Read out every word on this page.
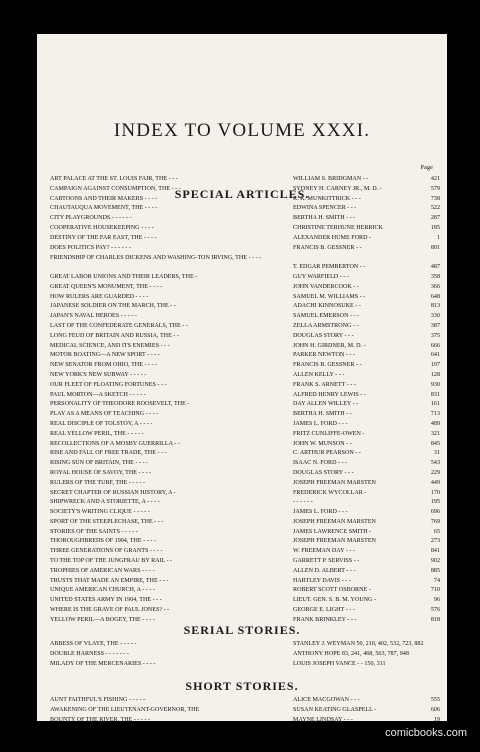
INDEX TO VOLUME XXXI.
SPECIAL ARTICLES.
Page
ART PALACE AT THE ST. LOUIS FAIR, THE - - -	WILLIAM S. BRIDGMAN - -	421
CAMPAIGN AGAINST CONSUMPTION, THE - - -	SYDNEY H. CARNEY JR., M. D. -	579
CARTOONS AND THEIR MAKERS - - - -	R. K. MUNKITTRICK - - -	738
CHAUTAUQUA MOVEMENT, THE - - - -	EDWINA SPENCER - - -	522
CITY PLAYGROUNDS - - - - - -	BERTHA H. SMITH - - -	287
COOPERATIVE HOUSEKEEPING - - - -	CHRISTINE TERHUNE HERRICK	185
DESTINY OF THE FAR EAST, THE - - - -	ALEXANDER HUME FORD -	1
DOES POLITICS PAY? - - - - - -	FRANCIS B. GESSNER - -	801
FRIENDSHIP OF CHARLES DICKENS AND WASHING-TON IRVING, THE - - - -
T. EDGAR PEMBERTON - -	487
GREAT LABOR UNIONS AND THEIR LEADERS, THE -	GUY WARFIELD - - -	358
GREAT QUEEN'S MONUMENT, THE - - - -	JOHN VANDERCOOK - -	366
HOW RULERS ARE GUARDED - - - -	SAMUEL M. WILLIAMS - -	648
JAPANESE SOLDIER ON THE MARCH, THE - -	ADACHI KINNOSUKE - -	813
JAPAN'S NAVAL HEROES - - - - -	SAMUEL EMERSON - - -	330
LAST OF THE CONFEDERATE GENERALS, THE - -	ZELLA ARMSTRONG - -	387
LONG FEUD OF BRITAIN AND RUSSIA, THE - -	DOUGLAS STORY - - -	375
MEDICAL SCIENCE, AND ITS ENEMIES - - -	JOHN H. GIRDNER, M. D. -	666
MOTOR BOATING—A NEW SPORT - - - -	PARKER NEWTON - - -	641
NEW SENATOR FROM OHIO, THE - - - -	FRANCIS B. GESSNER - -	197
NEW YORK'S NEW SUBWAY - - - - -	ALLEN KELLY - - -	128
OUR FLEET OF FLOATING FORTUNES - - -	FRANK S. ARNETT - - -	930
PAUL MORTON—A SKETCH - - - - -	ALFRED HENRY LEWIS - -	831
PERSONALITY OF THEODORE ROOSEVELT, THE -	DAY ALLEN WILLEY - -	161
PLAY AS A MEANS OF TEACHING - - - -	BERTHA H. SMITH - -	713
REAL DISCIPLE OF TOLSTOY, A - - - -	JAMES L. FORD - - -	489
REAL YELLOW PERIL, THE - - - - -	FRITZ CUNLIFFE-OWEN -	321
RECOLLECTIONS OF A MOSBY GUERRILLA - -	JOHN W. MUNSON - -	845
RISE AND FALL OF FREE TRADE, THE - - -	C. ARTHUR PEARSON - -	31
RISING SUN OF BRITAIN, THE - - - -	ISAAC N. FORD - - -	543
ROYAL HOUSE OF SAVOY, THE - - - -	DOUGLAS STORY - - -	229
RULERS OF THE TURF, THE - - - - -	JOSEPH FREEMAN MARSTEN	449
SECRET CHAPTER OF RUSSIAN HISTORY, A -	FREDERICK WYCOLLAR -	170
SHIPWRECK AND A STORIETTE, A - - - -	- - - - - -	195
SOCIETY'S WRITING CLIQUE - - - - -	JAMES L. FORD - - -	696
SPORT OF THE STEEPLECHASE, THE - - -	JOSEPH FREEMAN MARSTEN	769
STORIES OF THE SAINTS - - - - -	JAMES LAWRENCE SMITH -	65
THOROUGHBREDS OF 1904, THE - - - -	JOSEPH FREEMAN MARSTEN	273
THREE GENERATIONS OF GRANTS - - - -	W. FREEMAN DAY - - -	841
TO THE TOP OF THE JUNGFRAU BY RAIL - -	GARRETT P. SERVISS - -	902
TROPHIES OF AMERICAN WARS - - - -	ALLEN D. ALBERT - - -	885
TRUSTS THAT MADE AN EMPIRE, THE - - -	HARTLEY DAVIS - - -	74
UNIQUE AMERICAN CHURCH, A - - - -	ROBERT SCOTT OSBORNE -	710
UNITED STATES ARMY IN 1904, THE - - -	LIEUT. GEN. S. B. M. YOUNG -	96
WHERE IS THE GRAVE OF PAUL JONES? - -	GEORGE E. LIGHT - - -	576
YELLOW PERIL—A BOGEY, THE - - - -	FRANK BRINKLEY - - -	818
SERIAL STORIES.
ABBESS OF VLAYE, THE - - - - -	STANLEY J. WEYMAN 50, 210, 402, 532, 723, 882
DOUBLE HARNESS - - - - - - -	ANTHONY HOPE 83, 241, 468, 563, 787, 948
MILADY OF THE MERCENARIES - - - -	LOUIS JOSEPH VANCE - - 150, 311
SHORT STORIES.
AUNT FAITHFUL'S FISHING - - - - -	ALICE MACGOWAN - - -	555
AWAKENING OF THE LIEUTENANT-GOVERNOR, THE	SUSAN KEATING GLASPELL -	606
BOUNTY OF THE RIVER, THE - - - - -	MAYNE LINDSAY - - -	19
comicbooks.com
